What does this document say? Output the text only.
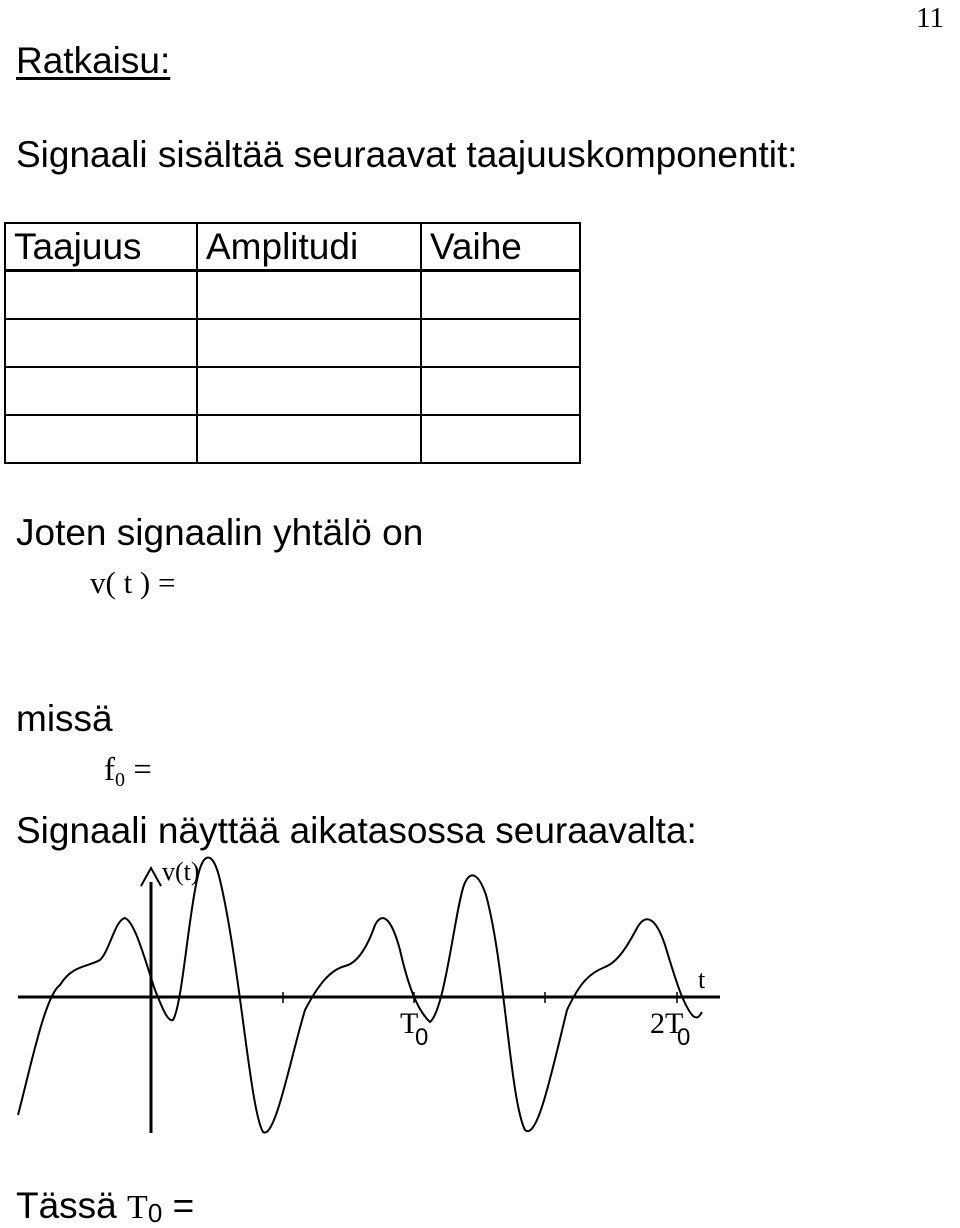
11
Ratkaisu:
Signaali sisältää seuraavat taajuuskomponentit:
Taajuus	Amplitudi	Vaihe

Joten signaalin yhtälö on
v( t ) =
missä
$f_0$ =
Signaali näyttää aikatasossa seuraavalta:
v(t)
t
T
0	2T
0
Tässä $T_0$ =
